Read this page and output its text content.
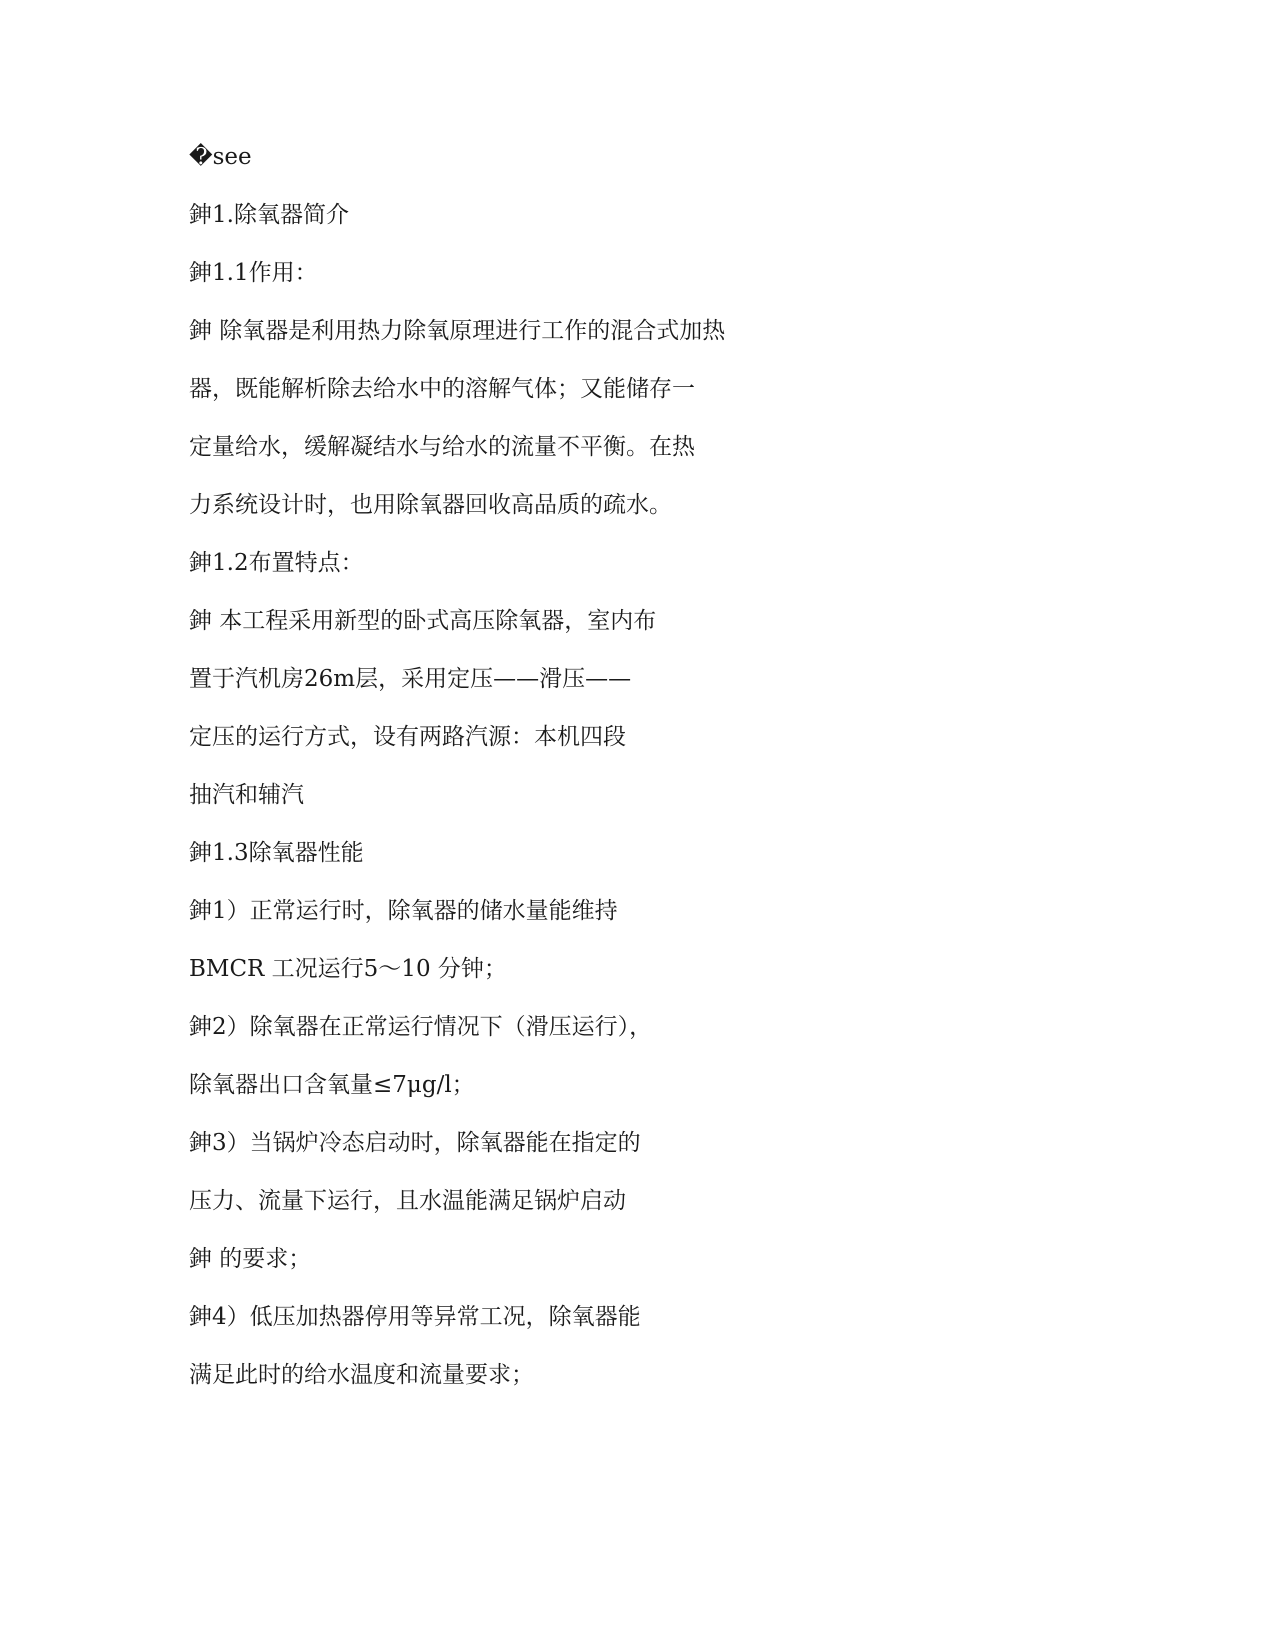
�see

鉮1.除氧器简介

鉮1.1作用：

鉮 除氧器是利用热力除氧原理进行工作的混合式加热

器，既能解析除去给水中的溶解气体；又能储存一

定量给水，缓解凝结水与给水的流量不平衡。在热

力系统设计时，也用除氧器回收高品质的疏水。

鉮1.2布置特点：

鉮 本工程采用新型的卧式高压除氧器，室内布

置于汽机房26m层，采用定压——滑压——

定压的运行方式，设有两路汽源：本机四段

抽汽和辅汽

鉮1.3除氧器性能

鉮1）正常运行时，除氧器的储水量能维持

BMCR 工况运行5～10 分钟；

鉮2）除氧器在正常运行情况下（滑压运行），

除氧器出口含氧量≤7μg/l；

鉮3）当锅炉冷态启动时，除氧器能在指定的

压力、流量下运行，且水温能满足锅炉启动

鉮 的要求；

鉮4）低压加热器停用等异常工况，除氧器能

满足此时的给水温度和流量要求；
